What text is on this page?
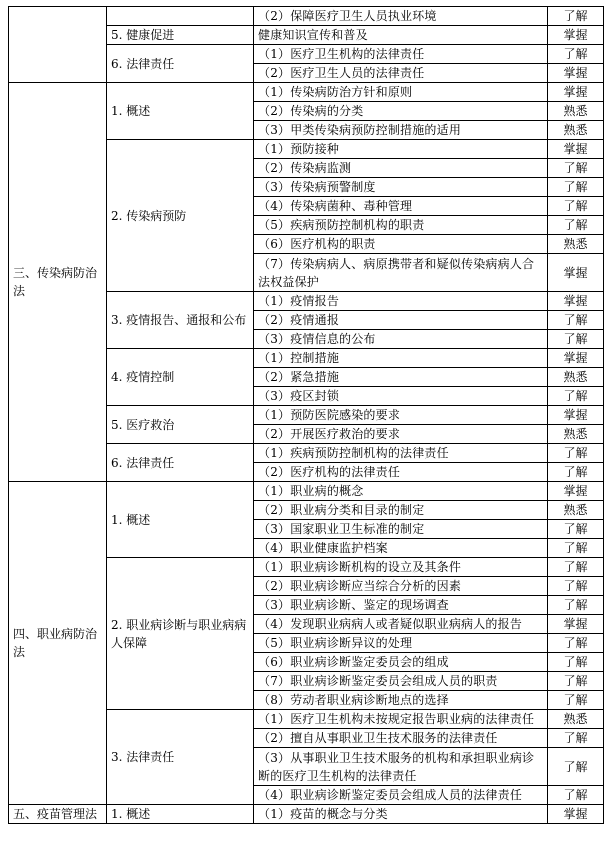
		（2）保障医疗卫生人员执业环境	了解
	5. 健康促进	健康知识宣传和普及	掌握
	6. 法律责任	（1）医疗卫生机构的法律责任	了解
		（2）医疗卫生人员的法律责任	掌握
三、传染病防治法	1. 概述	（1）传染病防治方针和原则	掌握
		（2）传染病的分类	熟悉
		（3）甲类传染病预防控制措施的适用	熟悉
	2. 传染病预防	（1）预防接种	掌握
		（2）传染病监测	了解
		（3）传染病预警制度	了解
		（4）传染病菌种、毒种管理	了解
		（5）疾病预防控制机构的职责	了解
		（6）医疗机构的职责	熟悉
		（7）传染病病人、病原携带者和疑似传染病病人合法权益保护	掌握
	3. 疫情报告、通报和公布	（1）疫情报告	掌握
		（2）疫情通报	了解
		（3）疫情信息的公布	了解
	4. 疫情控制	（1）控制措施	掌握
		（2）紧急措施	熟悉
		（3）疫区封锁	了解
	5. 医疗救治	（1）预防医院感染的要求	掌握
		（2）开展医疗救治的要求	熟悉
	6. 法律责任	（1）疾病预防控制机构的法律责任	了解
		（2）医疗机构的法律责任	了解
四、职业病防治法	1. 概述	（1）职业病的概念	掌握
		（2）职业病分类和目录的制定	熟悉
		（3）国家职业卫生标准的制定	了解
		（4）职业健康监护档案	了解
	2. 职业病诊断与职业病病人保障	（1）职业病诊断机构的设立及其条件	了解
		（2）职业病诊断应当综合分析的因素	了解
		（3）职业病诊断、鉴定的现场调查	了解
		（4）发现职业病病人或者疑似职业病病人的报告	掌握
		（5）职业病诊断异议的处理	了解
		（6）职业病诊断鉴定委员会的组成	了解
		（7）职业病诊断鉴定委员会组成人员的职责	了解
		（8）劳动者职业病诊断地点的选择	了解
	3. 法律责任	（1）医疗卫生机构未按规定报告职业病的法律责任	熟悉
		（2）擅自从事职业卫生技术服务的法律责任	了解
		（3）从事职业卫生技术服务的机构和承担职业病诊断的医疗卫生机构的法律责任	了解
		（4）职业病诊断鉴定委员会组成人员的法律责任	了解
五、疫苗管理法	1. 概述	（1）疫苗的概念与分类	掌握
